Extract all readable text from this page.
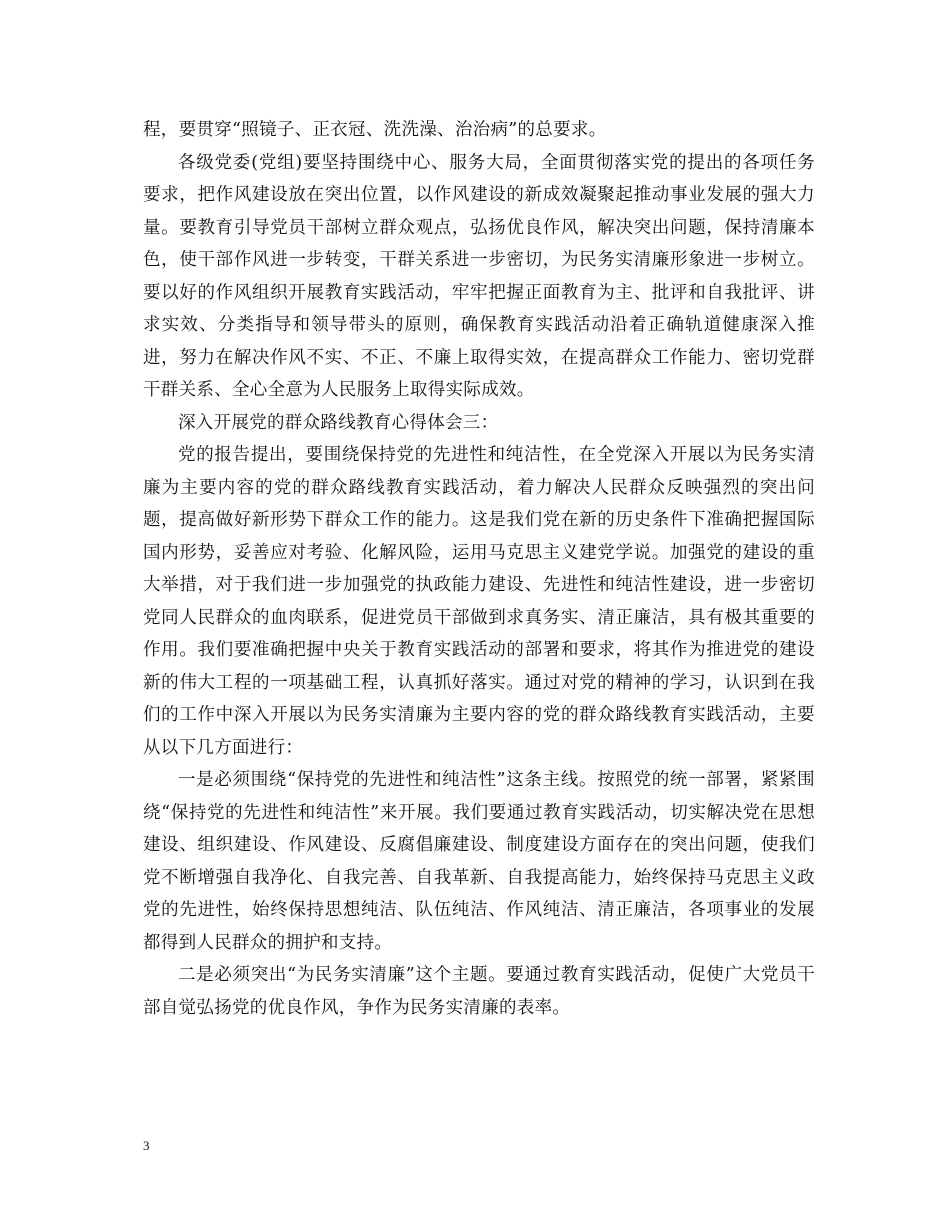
程，要贯穿“照镜子、正衣冠、洗洗澡、治治病”的总要求。

各级党委(党组)要坚持围绕中心、服务大局，全面贯彻落实党的提出的各项任务要求，把作风建设放在突出位置，以作风建设的新成效凝聚起推动事业发展的强大力量。要教育引导党员干部树立群众观点，弘扬优良作风，解决突出问题，保持清廉本色，使干部作风进一步转变，干群关系进一步密切，为民务实清廉形象进一步树立。要以好的作风组织开展教育实践活动，牢牢把握正面教育为主、批评和自我批评、讲求实效、分类指导和领导带头的原则，确保教育实践活动沿着正确轨道健康深入推进，努力在解决作风不实、不正、不廉上取得实效，在提高群众工作能力、密切党群干群关系、全心全意为人民服务上取得实际成效。

深入开展党的群众路线教育心得体会三：

党的报告提出，要围绕保持党的先进性和纯洁性，在全党深入开展以为民务实清廉为主要内容的党的群众路线教育实践活动，着力解决人民群众反映强烈的突出问题，提高做好新形势下群众工作的能力。这是我们党在新的历史条件下准确把握国际国内形势，妥善应对考验、化解风险，运用马克思主义建党学说。加强党的建设的重大举措，对于我们进一步加强党的执政能力建设、先进性和纯洁性建设，进一步密切党同人民群众的血肉联系，促进党员干部做到求真务实、清正廉洁，具有极其重要的作用。我们要准确把握中央关于教育实践活动的部署和要求，将其作为推进党的建设新的伟大工程的一项基础工程，认真抓好落实。通过对党的精神的学习，认识到在我们的工作中深入开展以为民务实清廉为主要内容的党的群众路线教育实践活动，主要从以下几方面进行：

一是必须围绕“保持党的先进性和纯洁性”这条主线。按照党的统一部署，紧紧围绕“保持党的先进性和纯洁性”来开展。我们要通过教育实践活动，切实解决党在思想建设、组织建设、作风建设、反腐倡廉建设、制度建设方面存在的突出问题，使我们党不断增强自我净化、自我完善、自我革新、自我提高能力，始终保持马克思主义政党的先进性，始终保持思想纯洁、队伍纯洁、作风纯洁、清正廉洁，各项事业的发展都得到人民群众的拥护和支持。

二是必须突出“为民务实清廉”这个主题。要通过教育实践活动，促使广大党员干部自觉弘扬党的优良作风，争作为民务实清廉的表率。

3
